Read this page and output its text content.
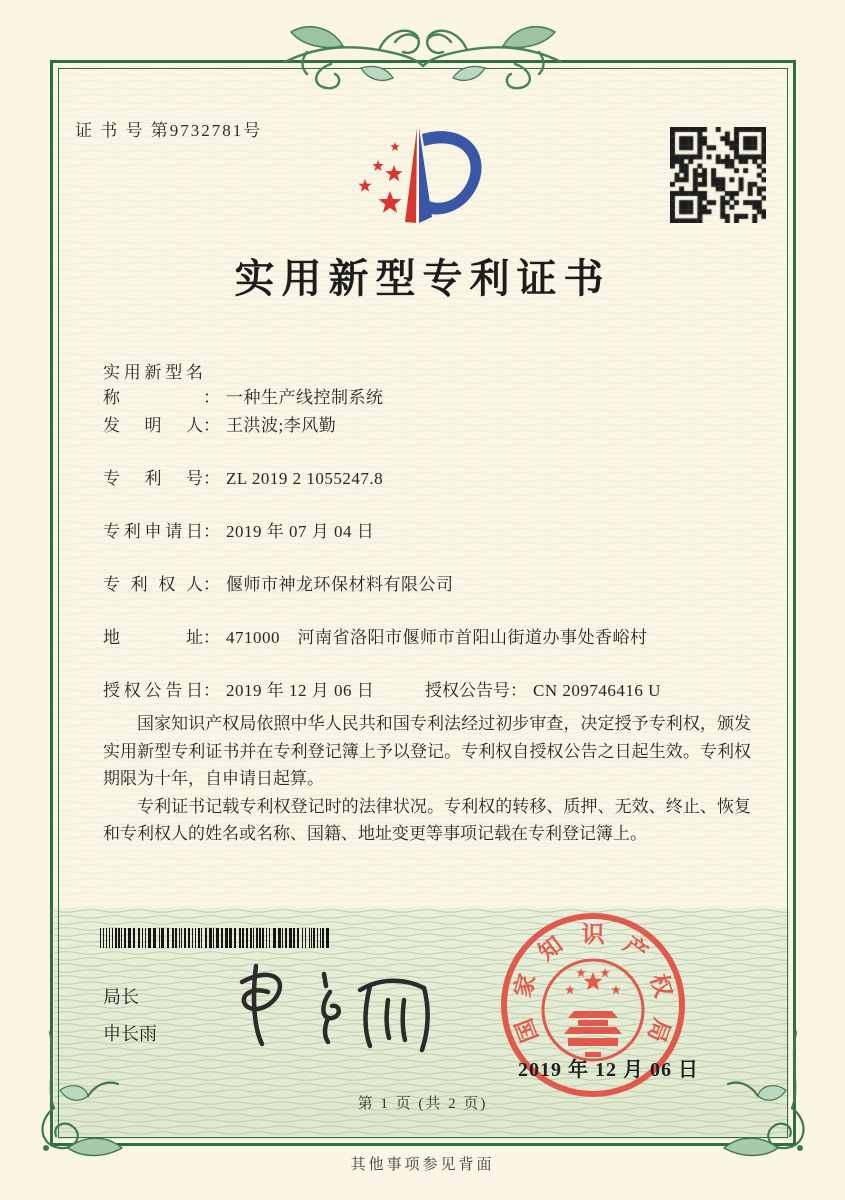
证 书 号 第9732781号
实用新型专利证书
实用新型名称	： 一种生产线控制系统
发明人： 王洪波;李风勤
专利号： ZL 2019 2 1055247.8
专利申请日： 2019 年 07 月 04 日
专利权人： 偃师市神龙环保材料有限公司
地址： 471000　河南省洛阳市偃师市首阳山街道办事处香峪村
授权公告日： 2019 年 12 月 06 日	授权公告号： CN 209746416 U

国家知识产权局依照中华人民共和国专利法经过初步审查，决定授予专利权，颁发实用新型专利证书并在专利登记簿上予以登记。专利权自授权公告之日起生效。专利权期限为十年，自申请日起算。

专利证书记载专利权登记时的法律状况。专利权的转移、质押、无效、终止、恢复和专利权人的姓名或名称、国籍、地址变更等事项记载在专利登记簿上。

局长
申长雨	国
家
知 识 产
权
局
2019 年 12 月 06 日
第 1 页 (共 2 页)
其他事项参见背面
